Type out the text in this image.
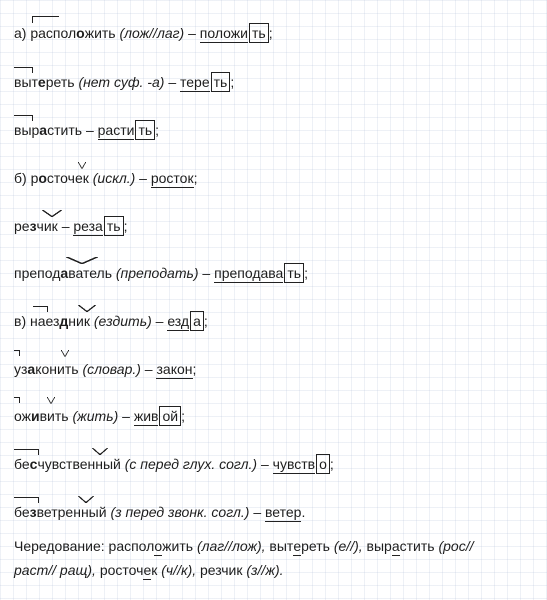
а) расположить (лож//лаг) – положи ть ;
вытереть (нет суф. -а) – тере ть ;
вырастить – расти ть ;
б) росточек (искл.) – росток;
резчик – реза ть ;
преподаватель (преподать) – преподава ть ;
в) наездник (ездить) – езд а ;
узаконить (словар.) – закон;
оживить (жить) – жив ой ;
бесчувственный (с перед глух. согл.) – чувств о ;
безветренный (з перед звонк. согл.) – ветер.
Чередование: расположить (лаг//лож), вытереть (е//), вырастить (рос//
раст// ращ), росточек (ч//к), резчик (з//ж).
